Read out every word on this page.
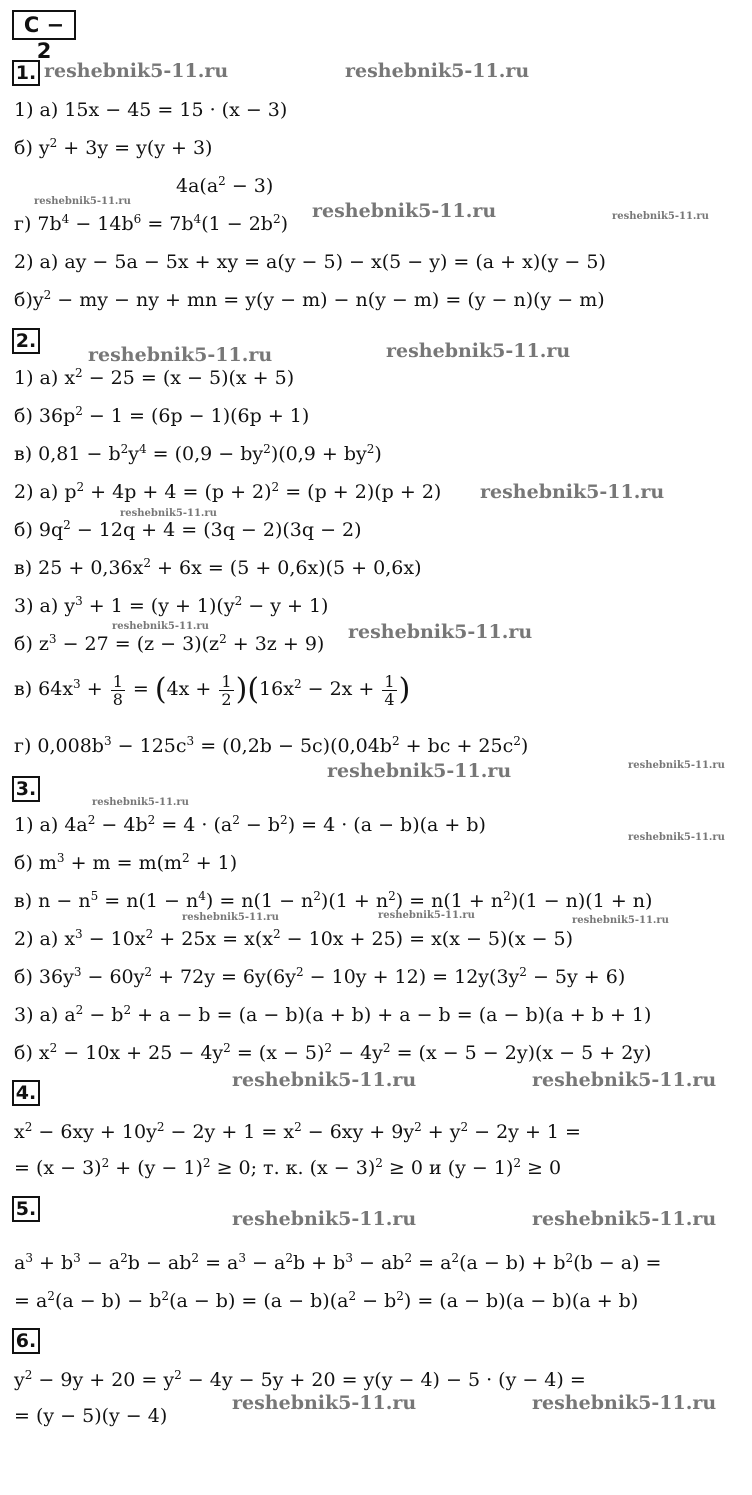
С − 2
reshebnik5-11.ru	reshebnik5-11.ru
reshebnik5-11.ru	reshebnik5-11.ru	reshebnik5-11.ru
reshebnik5-11.ru	reshebnik5-11.ru
reshebnik5-11.ru
reshebnik5-11.ru
reshebnik5-11.ru	reshebnik5-11.ru
reshebnik5-11.ru	reshebnik5-11.ru
reshebnik5-11.ru
reshebnik5-11.ru
reshebnik5-11.ru	reshebnik5-11.ru	reshebnik5-11.ru
reshebnik5-11.ru	reshebnik5-11.ru
reshebnik5-11.ru	reshebnik5-11.ru
reshebnik5-11.ru	reshebnik5-11.ru
1.
1) а) 15x − 45 = 15 · (x − 3)
б) $y^2 + 3y = y(y + 3)$
$4a(a^2 - 3)$
г) $7b^4 - 14b^6 = 7b^4(1 - 2b^2)$
2) а) ay − 5a − 5x + xy = a(y − 5) − x(5 − y) = (a + x)(y − 5)
$б)y^2$ − my − ny + mn = y(y − m) − n(y − m) = (y − n)(y − m)
2.
1) а) $x^2 - 25 = (x - 5)(x + 5)$
б) $36p^2 - 1 = (6p - 1)(6p + 1)$
в) $0,81 - b^2y^4 = (0,9 - by^2)(0,9 + by^2)$
2) а) $p^2 + 4p + 4 = (p + 2)^2 = (p + 2)(p + 2)$
б) $9q^2 - 12q + 4 = (3q - 2)(3q - 2)$
в) $25 + 0,36x^2 + 6x = (5 + 0,6x)(5 + 0,6x)$
3) а) $y^3 + 1 = (y + 1)(y^2 - y + 1)$
б) $z^3 - 27 = (z - 3)(z^2 + 3z + 9)$
в) $64x^3 + \frac{1}{8} = (4x + \frac{1}{2} )(16x^2 - 2x + \frac{1}{4}$ )
г) $0,008b^3 - 125c^3 = (0,2b - 5c)(0,04b^2$ + bc + $25c^2$)
3.
1) а) $4a^2 - 4b^2 = 4 \cdot (a^2 - b^2) = 4 \cdot (a - b)(a + b)$
б) $m^3 + m = m(m^2 + 1)$
в) $n - n^5 = n(1 - n^4) = n(1 - n^2)(1 + n^2) = n(1 + n^2)(1 - n)(1 + n)$
2) а) $x^3 - 10x^2 + 25x = x(x^2 - 10x + 25) = x(x - 5)(x - 5)$
б) $36y^3 - 60y^2 + 72y = 6y(6y^2 - 10y + 12) = 12y(3y^2 - 5y + 6)$
3) а) $a^2 - b^2 + a - b = (a - b)(a + b) + a - b = (a - b)(a + b + 1)$
б) $x^2 - 10x + 25 - 4y^2 = (x - 5)^2 - 4y^2 = (x - 5 - 2y)(x - 5 + 2y)$
4.
$x^2 - 6xy + 10y^2 - 2y + 1 = x^2 - 6xy + 9y^2 + y^2 - 2y + 1$ =
= $(x - 3)^2 + (y - 1)^2 \ge 0$; т. к. $(x - 3)^2 \ge 0$ и $(y - 1)^2 \ge 0$
5.
$a^3 + b^3 - a^2b - ab^2 = a^3 - a^2b + b^3 - ab^2 = a^2(a - b) + b^2(b - a)$ =
= $a^2(a - b) - b^2(a - b) = (a - b)(a^2 - b^2) = (a - b)(a - b)(a + b)$
6.
$y^2 - 9y + 20 = y^2 - 4y - 5y + 20 = y(y - 4) - 5 \cdot (y - 4)$ =
= (y − 5)(y − 4)
